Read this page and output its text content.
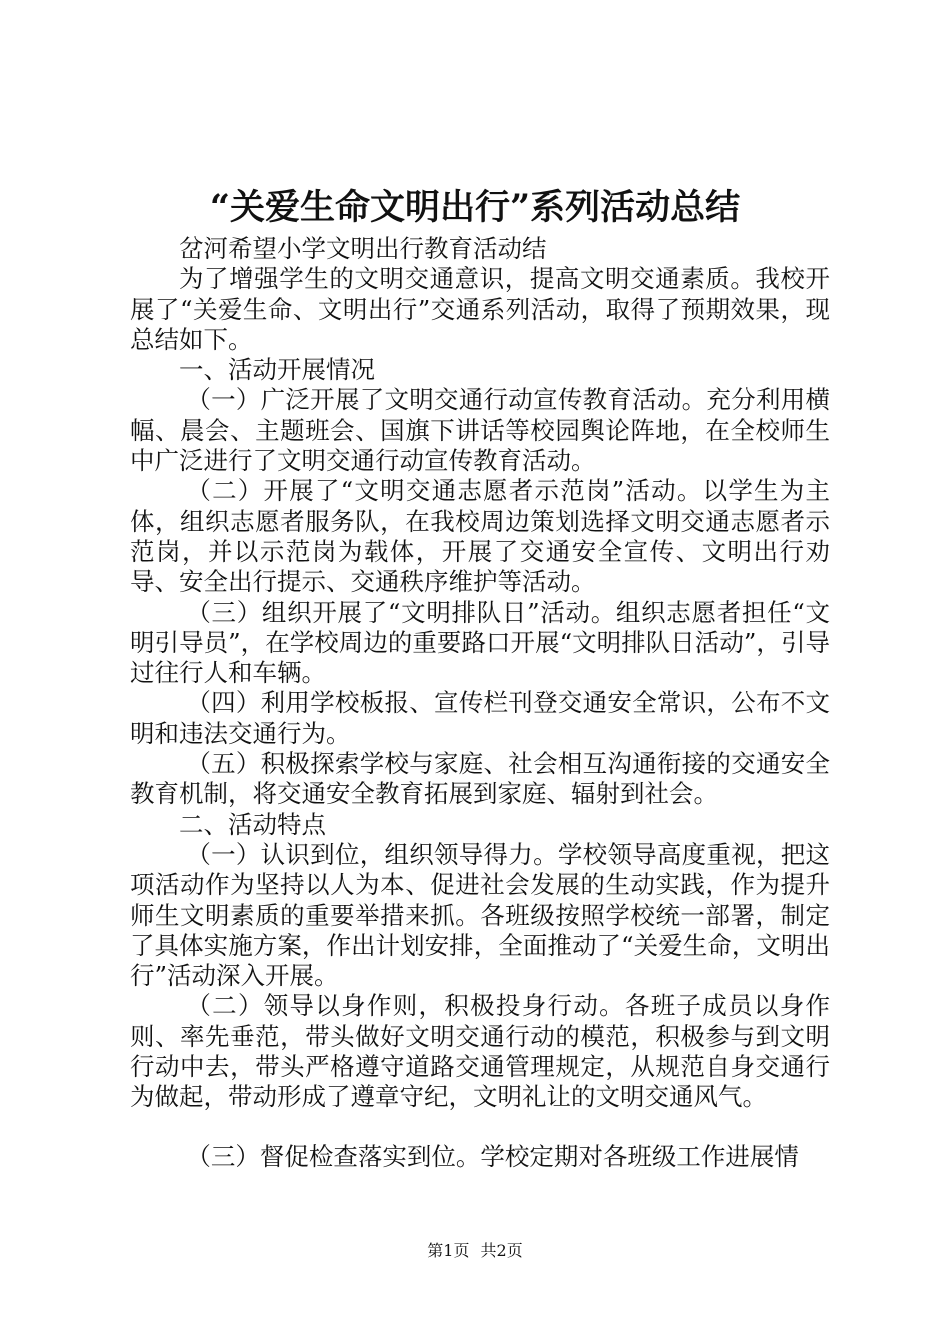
“关爱生命文明出行”系列活动总结

岔河希望小学文明出行教育活动结

为了增强学生的文明交通意识，提高文明交通素质。我校开展了“关爱生命、文明出行”交通系列活动，取得了预期效果，现总结如下。

一、活动开展情况

（一）广泛开展了文明交通行动宣传教育活动。充分利用横幅、晨会、主题班会、国旗下讲话等校园舆论阵地，在全校师生中广泛进行了文明交通行动宣传教育活动。

（二）开展了“文明交通志愿者示范岗”活动。以学生为主体，组织志愿者服务队，在我校周边策划选择文明交通志愿者示范岗，并以示范岗为载体，开展了交通安全宣传、文明出行劝导、安全出行提示、交通秩序维护等活动。

（三）组织开展了“文明排队日”活动。组织志愿者担任“文明引导员”，在学校周边的重要路口开展“文明排队日活动”，引导过往行人和车辆。

（四）利用学校板报、宣传栏刊登交通安全常识，公布不文明和违法交通行为。

（五）积极探索学校与家庭、社会相互沟通衔接的交通安全教育机制，将交通安全教育拓展到家庭、辐射到社会。

二、活动特点

（一）认识到位，组织领导得力。学校领导高度重视，把这项活动作为坚持以人为本、促进社会发展的生动实践，作为提升师生文明素质的重要举措来抓。各班级按照学校统一部署，制定了具体实施方案，作出计划安排，全面推动了“关爱生命，文明出行”活动深入开展。

（二）领导以身作则，积极投身行动。各班子成员以身作则、率先垂范，带头做好文明交通行动的模范，积极参与到文明行动中去，带头严格遵守道路交通管理规定，从规范自身交通行为做起，带动形成了遵章守纪，文明礼让的文明交通风气。

（三）督促检查落实到位。学校定期对各班级工作进展情

第1页 共2页
